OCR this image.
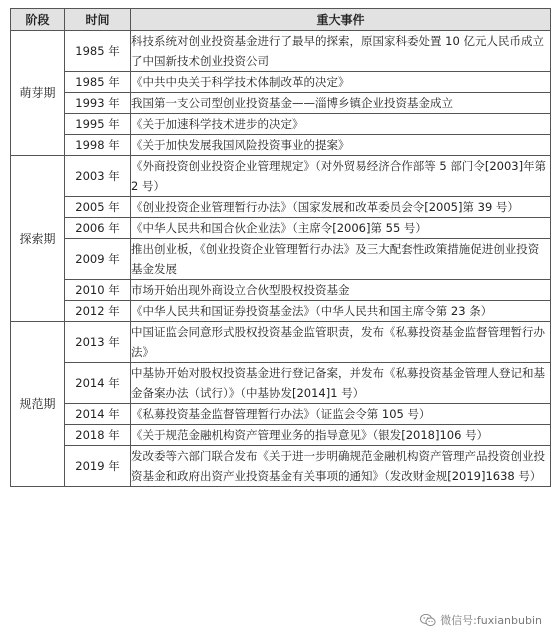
阶段	时间	重大事件
萌芽期	1985 年	科技系统对创业投资基金进行了最早的探索，原国家科委处置 10 亿元人民币成立了中国新技术创业投资公司
	1985 年	《中共中央关于科学技术体制改革的决定》
	1993 年	我国第一支公司型创业投资基金——淄博乡镇企业投资基金成立
	1995 年	《关于加速科学技术进步的决定》
	1998 年	《关于加快发展我国风险投资事业的提案》
探索期	2003 年	《外商投资创业投资企业管理规定》（对外贸易经济合作部等 5 部门令[2003]年第 2 号）
	2005 年	《创业投资企业管理暂行办法》（国家发展和改革委员会令[2005]第 39 号）
	2006 年	《中华人民共和国合伙企业法》（主席令[2006]第 55 号）
	2009 年	推出创业板，《创业投资企业管理暂行办法》及三大配套性政策措施促进创业投资基金发展
	2010 年	市场开始出现外商设立合伙型股权投资基金
	2012 年	《中华人民共和国证券投资基金法》（中华人民共和国主席令第 23 条）
规范期	2013 年	中国证监会同意形式股权投资基金监管职责，发布《私募投资基金监督管理暂行办法》
	2014 年	中基协开始对股权投资基金进行登记备案，并发布《私募投资基金管理人登记和基金备案办法（试行）》（中基协发[2014]1 号）
	2014 年	《私募投资基金监督管理暂行办法》（证监会令第 105 号）
	2018 年	《关于规范金融机构资产管理业务的指导意见》（银发[2018]106 号）
	2019 年	发改委等六部门联合发布《关于进一步明确规范金融机构资产管理产品投资创业投资基金和政府出资产业投资基金有关事项的通知》（发改财金规[2019]1638 号）
微信号: fuxianbubin
